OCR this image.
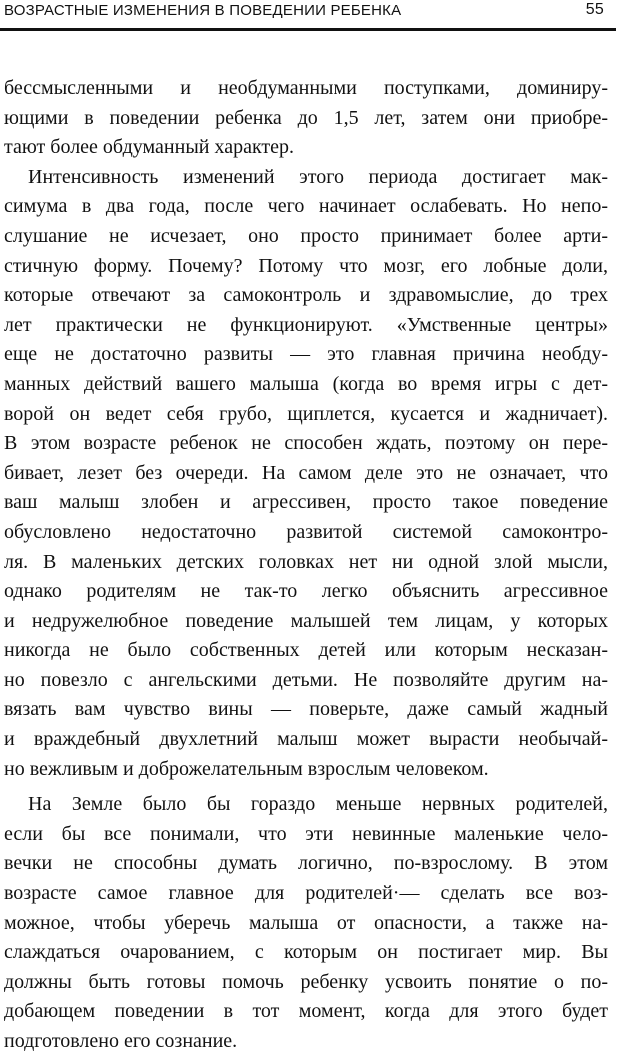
ВОЗРАСТНЫЕ ИЗМЕНЕНИЯ В ПОВЕДЕНИИ РЕБЕНКА	55
бессмысленными и необдуманными поступками, доминиру-
ющими в поведении ребенка до 1,5 лет, затем они приобре-
тают более обдуманный характер.
Интенсивность изменений этого периода достигает мак-
симума в два года, после чего начинает ослабевать. Но непо-
слушание не исчезает, оно просто принимает более арти-
стичную форму. Почему? Потому что мозг, его лобные доли,
которые отвечают за самоконтроль и здравомыслие, до трех
лет практически не функционируют. «Умственные центры»
еще не достаточно развиты — это главная причина необду-
манных действий вашего малыша (когда во время игры с дет-
ворой он ведет себя грубо, щиплется, кусается и жадничает).
В этом возрасте ребенок не способен ждать, поэтому он пере-
бивает, лезет без очереди. На самом деле это не означает, что
ваш малыш злобен и агрессивен, просто такое поведение
обусловлено недостаточно развитой системой самоконтро-
ля. В маленьких детских головках нет ни одной злой мысли,
однако родителям не так-то легко объяснить агрессивное
и недружелюбное поведение малышей тем лицам, у которых
никогда не было собственных детей или которым несказан-
но повезло с ангельскими детьми. Не позволяйте другим на-
вязать вам чувство вины — поверьте, даже самый жадный
и враждебный двухлетний малыш может вырасти необычай-
но вежливым и доброжелательным взрослым человеком.
На Земле было бы гораздо меньше нервных родителей,
если бы все понимали, что эти невинные маленькие чело-
вечки не способны думать логично, по-взрослому. В этом
возрасте самое главное для родителей·— сделать все воз-
можное, чтобы уберечь малыша от опасности, а также на-
слаждаться очарованием, с которым он постигает мир. Вы
должны быть готовы помочь ребенку усвоить понятие о по-
добающем поведении в тот момент, когда для этого будет
подготовлено его сознание.
